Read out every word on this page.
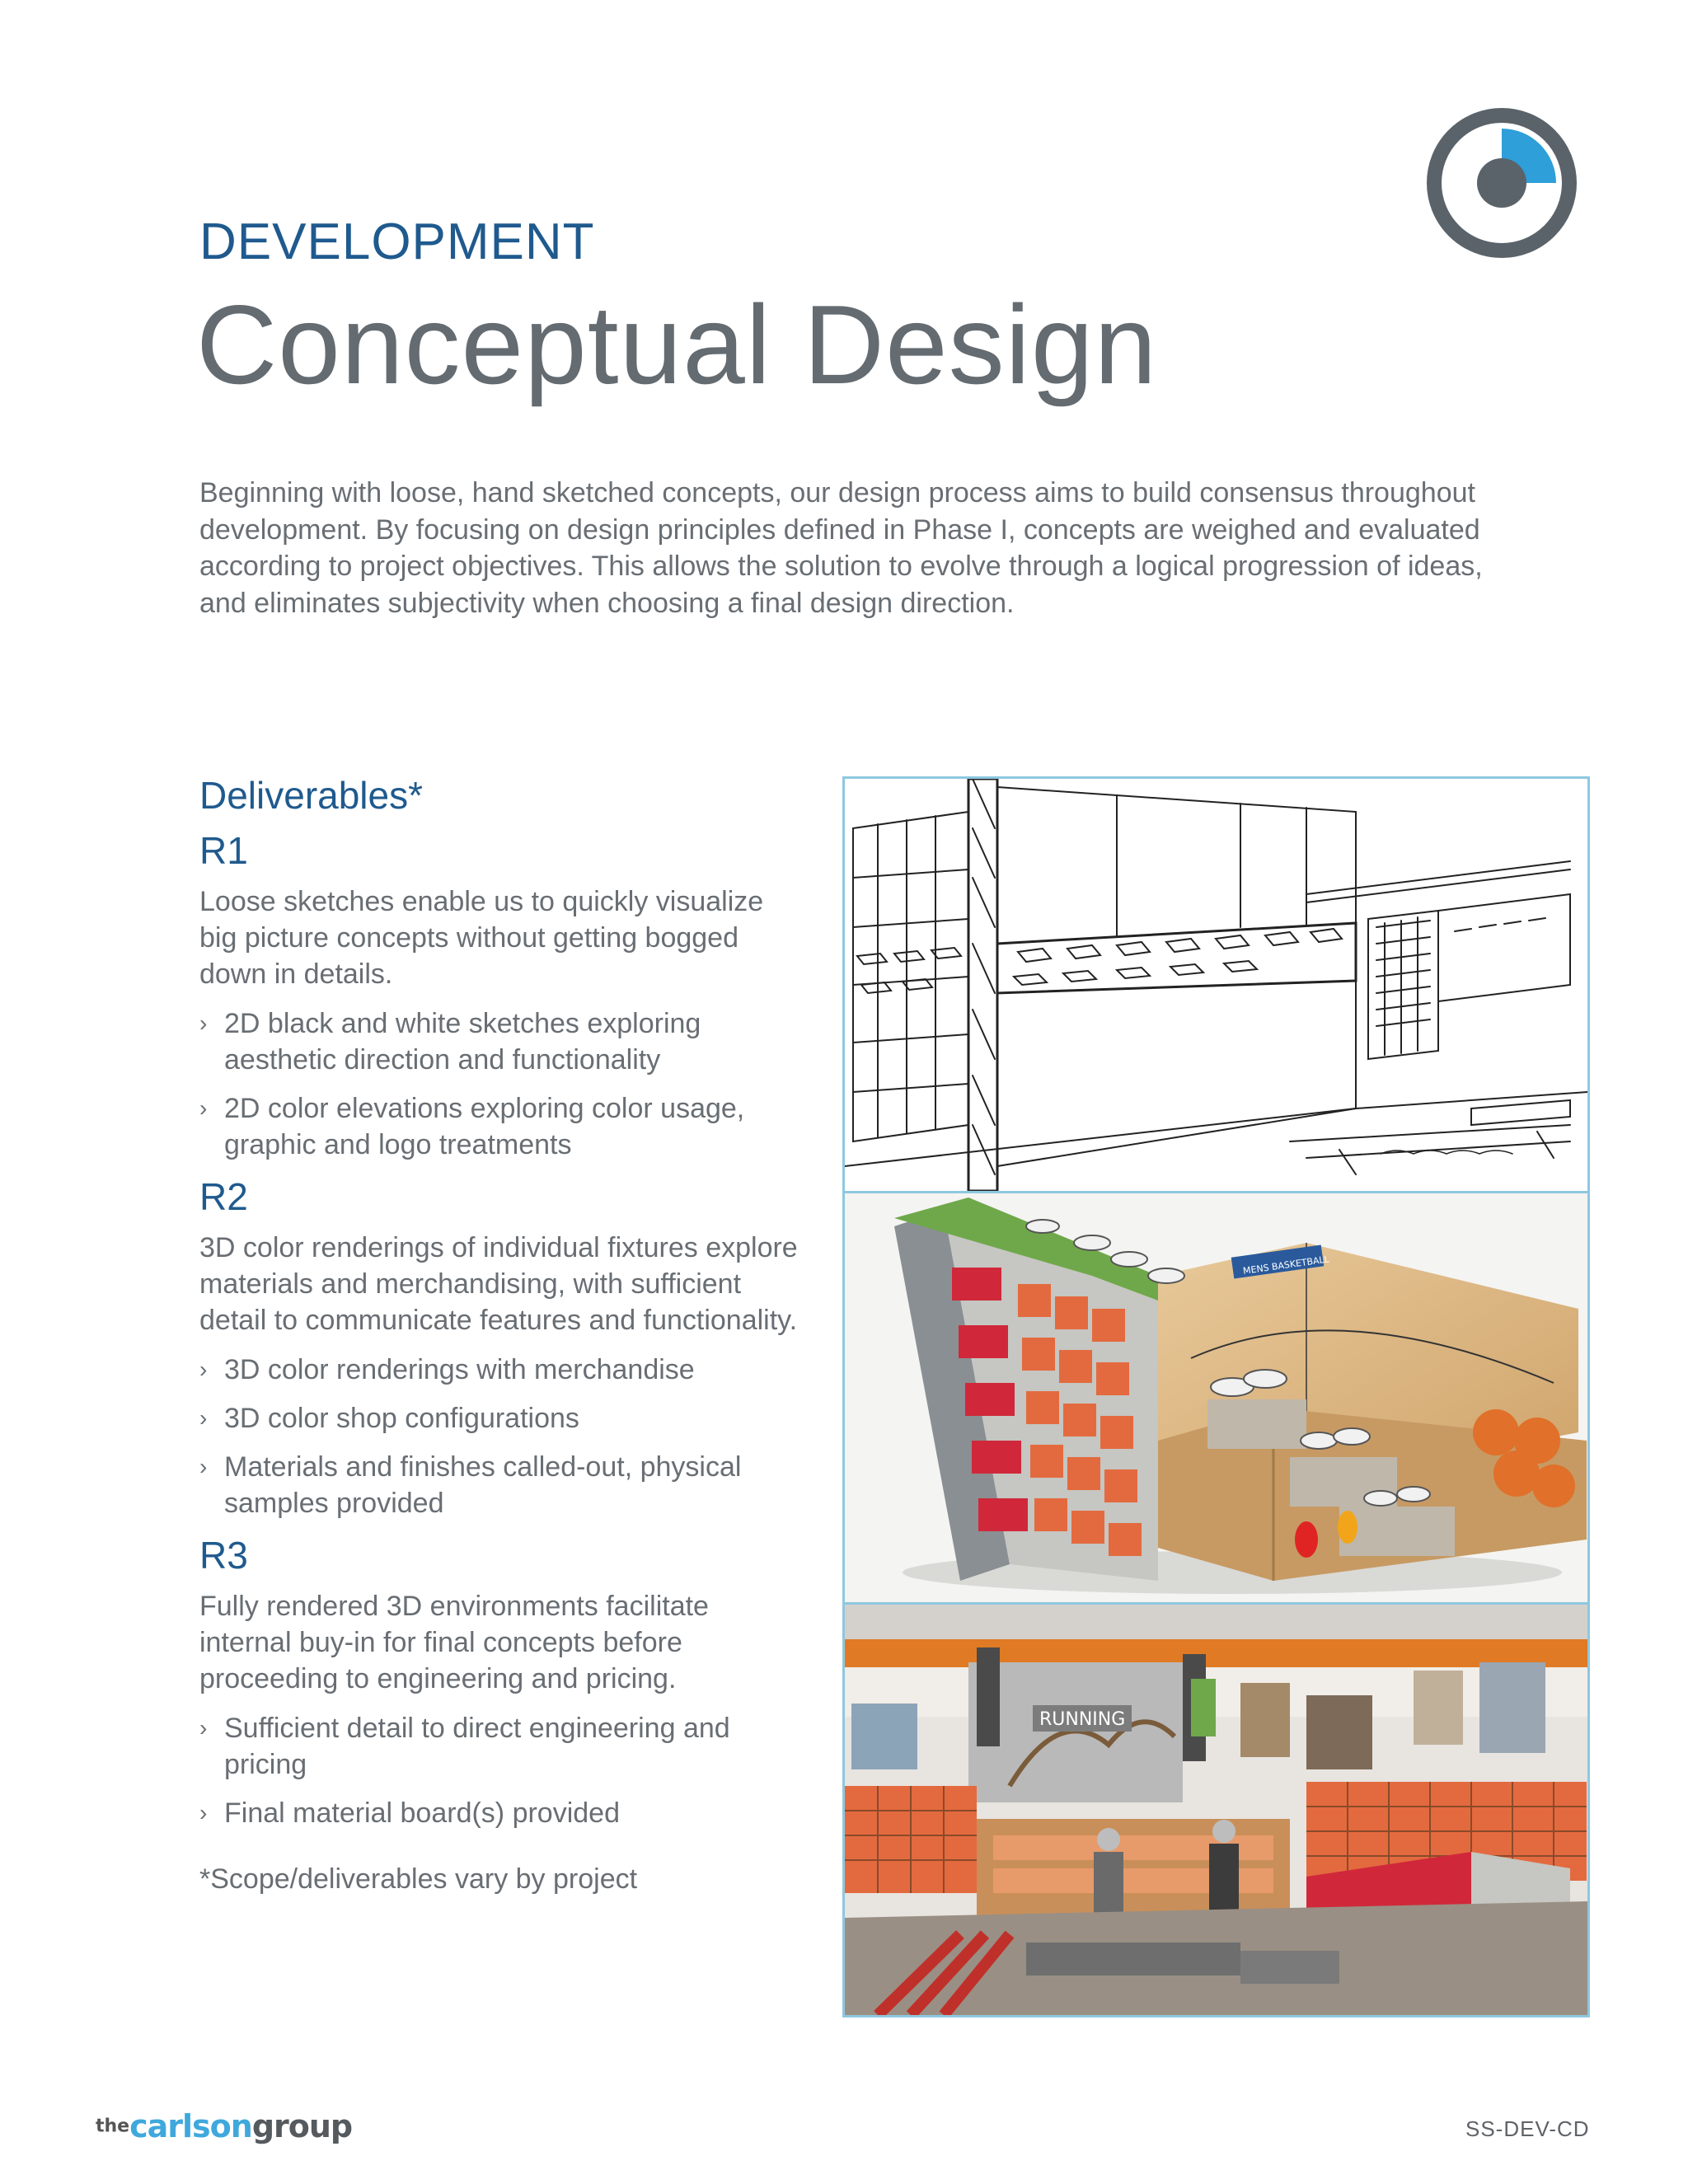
DEVELOPMENT
Conceptual Design

Beginning with loose, hand sketched concepts, our design process aims to build consensus throughout development. By focusing on design principles defined in Phase I, concepts are weighed and evaluated according to project objectives. This allows the solution to evolve through a logical progression of ideas, and eliminates subjectivity when choosing a final design direction.

Deliverables*
R1

Loose sketches enable us to quickly visualize big picture concepts without getting bogged down in details.

› 2D black and white sketches exploring aesthetic direction and functionality
› 2D color elevations exploring color usage, graphic and logo treatments
R2

3D color renderings of individual fixtures explore materials and merchandising, with sufficient detail to communicate features and functionality.

› 3D color renderings with merchandise
› 3D color shop configurations
› Materials and finishes called-out, physical samples provided
R3

Fully rendered 3D environments facilitate internal buy-in for final concepts before proceeding to engineering and pricing.

› Sufficient detail to direct engineering and pricing
› Final material board(s) provided

*Scope/deliverables vary by project

MENS BASKETBALL
RUNNING
thecarlsongroup	SS-DEV-CD
